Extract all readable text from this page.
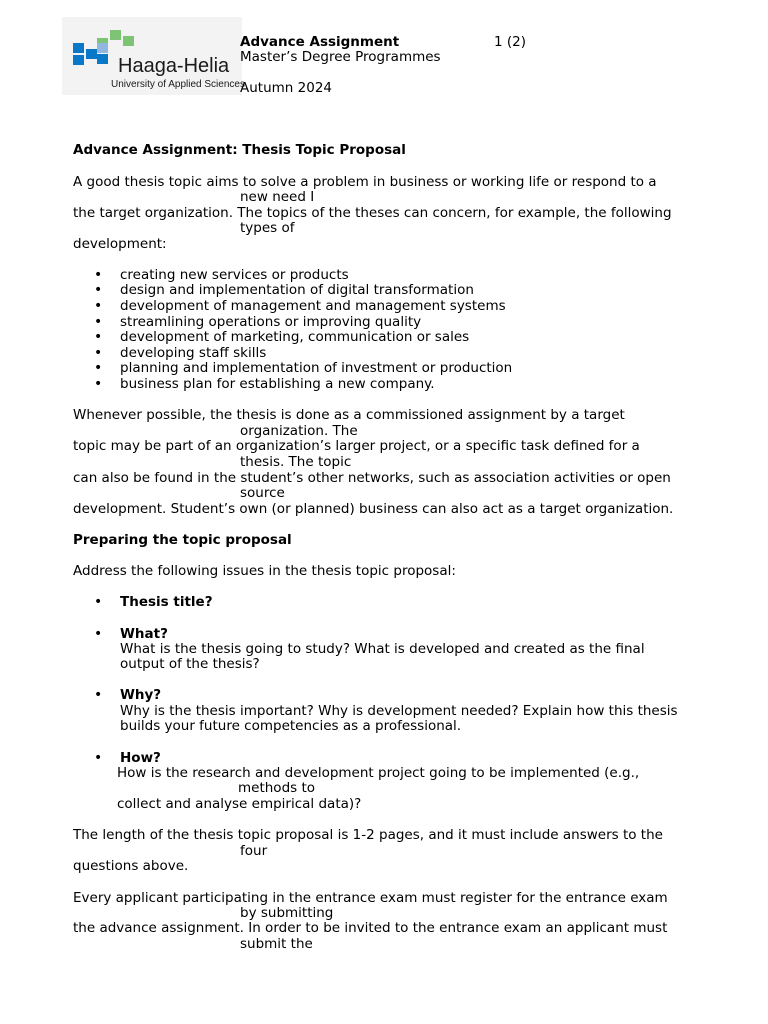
Haaga-Helia
University of Applied Sciences
Advance Assignment	1 (2)
Master’s Degree Programmes
Autumn 2024
Advance Assignment: Thesis Topic Proposal
A good thesis topic aims to solve a problem in business or working life or respond to a
new need I
the target organization. The topics of the theses can concern, for example, the following
types of
development:
• creating new services or products
• design and implementation of digital transformation
• development of management and management systems
• streamlining operations or improving quality
• development of marketing, communication or sales
• developing staff skills
• planning and implementation of investment or production
• business plan for establishing a new company.
Whenever possible, the thesis is done as a commissioned assignment by a target
organization. The
topic may be part of an organization’s larger project, or a specific task defined for a
thesis. The topic
can also be found in the student’s other networks, such as association activities or open
source
development. Student’s own (or planned) business can also act as a target organization.
Preparing the topic proposal
Address the following issues in the thesis topic proposal:
• Thesis title?
• What?
What is the thesis going to study? What is developed and created as the final
output of the thesis?
• Why?
Why is the thesis important? Why is development needed? Explain how this thesis
builds your future competencies as a professional.
• How?
How is the research and development project going to be implemented (e.g.,
methods to
collect and analyse empirical data)?
The length of the thesis topic proposal is 1-2 pages, and it must include answers to the
four
questions above.
Every applicant participating in the entrance exam must register for the entrance exam
by submitting
the advance assignment. In order to be invited to the entrance exam an applicant must
submit the
